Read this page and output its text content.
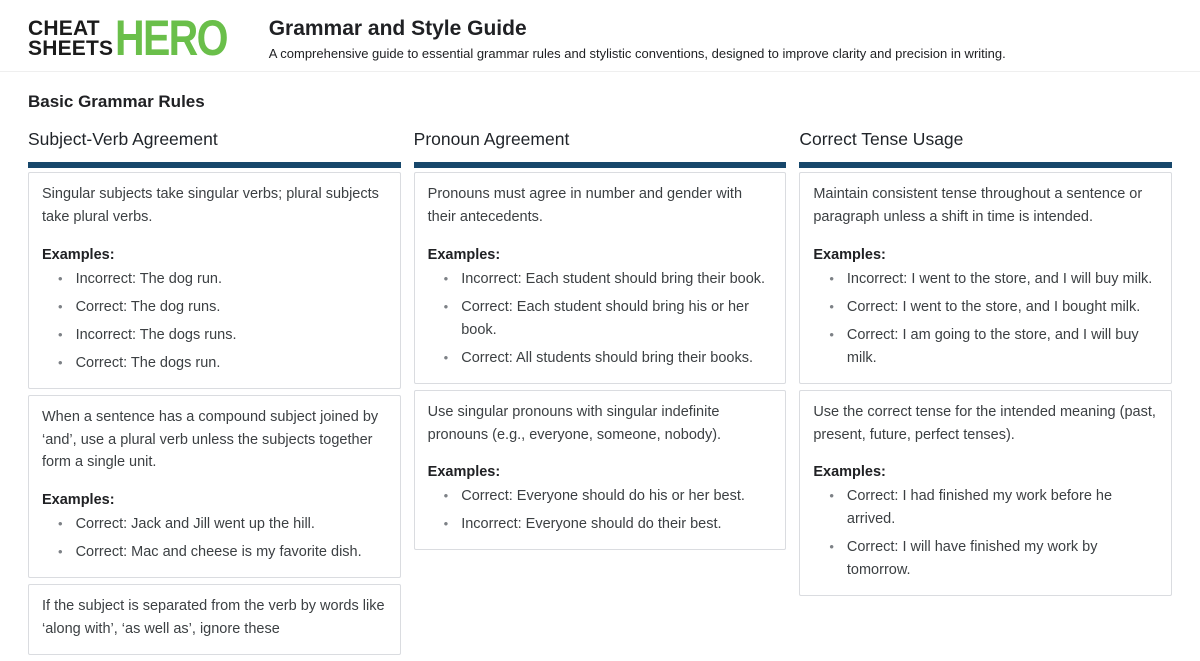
CHEAT
SHEETS HERO Grammar and Style Guide
A comprehensive guide to essential grammar rules and stylistic conventions, designed to improve clarity and precision in writing.
Basic Grammar Rules
Subject-Verb Agreement

Singular subjects take singular verbs; plural subjects take plural verbs.

Examples:

•
Incorrect: The dog run.
•
Correct: The dog runs.
•
Incorrect: The dogs runs.
•
Correct: The dogs run.

When a sentence has a compound subject joined by ‘and’, use a plural verb unless the subjects together form a single unit.

Examples:

•
Correct: Jack and Jill went up the hill.
•
Correct: Mac and cheese is my favorite dish.

If the subject is separated from the verb by words like ‘along with’, ‘as well as’, ignore these

Pronoun Agreement

Pronouns must agree in number and gender with their antecedents.

Examples:

•
Incorrect: Each student should bring their book.
•
Correct: Each student should bring his or her book.
•
Correct: All students should bring their books.

Use singular pronouns with singular indefinite pronouns (e.g., everyone, someone, nobody).

Examples:

•
Correct: Everyone should do his or her best.
•
Incorrect: Everyone should do their best.
Correct Tense Usage

Maintain consistent tense throughout a sentence or paragraph unless a shift in time is intended.

Examples:

•
Incorrect: I went to the store, and I will buy milk.
•
Correct: I went to the store, and I bought milk.
•
Correct: I am going to the store, and I will buy milk.

Use the correct tense for the intended meaning (past, present, future, perfect tenses).

Examples:

•
Correct: I had finished my work before he arrived.
•
Correct: I will have finished my work by tomorrow.
